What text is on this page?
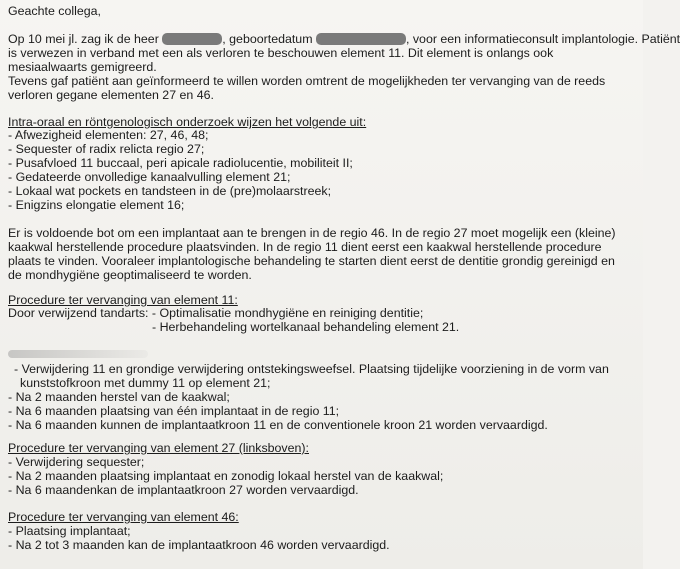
Geachte collega,
Op 10 mei jl. zag ik de heer	, geboortedatum	, voor een informatieconsult implantologie. Patiënt
is verwezen in verband met een als verloren te beschouwen element 11. Dit element is onlangs ook
mesiaalwaarts gemigreerd.
Tevens gaf patiënt aan geïnformeerd te willen worden omtrent de mogelijkheden ter vervanging van de reeds
verloren gegane elementen 27 en 46.
Intra-oraal en röntgenologisch onderzoek wijzen het volgende uit:
- Afwezigheid elementen: 27, 46, 48;
- Sequester of radix relicta regio 27;
- Pusafvloed 11 buccaal, peri apicale radiolucentie, mobiliteit II;
- Gedateerde onvolledige kanaalvulling element 21;
- Lokaal wat pockets en tandsteen in de (pre)molaarstreek;
- Enigzins elongatie element 16;
Er is voldoende bot om een implantaat aan te brengen in de regio 46. In de regio 27 moet mogelijk een (kleine)
kaakwal herstellende procedure plaatsvinden. In de regio 11 dient eerst een kaakwal herstellende procedure
plaats te vinden. Vooraleer implantologische behandeling te starten dient eerst de dentitie grondig gereinigd en
de mondhygiëne geoptimaliseerd te worden.
Procedure ter vervanging van element 11:
Door verwijzend tandarts: - Optimalisatie mondhygiëne en reiniging dentitie;
- Herbehandeling wortelkanaal behandeling element 21.
- Verwijdering 11 en grondige verwijdering ontstekingsweefsel. Plaatsing tijdelijke voorziening in de vorm van
kunststofkroon met dummy 11 op element 21;
- Na 2 maanden herstel van de kaakwal;
- Na 6 maanden plaatsing van één implantaat in de regio 11;
- Na 6 maanden kunnen de implantaatkroon 11 en de conventionele kroon 21 worden vervaardigd.
Procedure ter vervanging van element 27 (linksboven):
- Verwijdering sequester;
- Na 2 maanden plaatsing implantaat en zonodig lokaal herstel van de kaakwal;
- Na 6 maandenkan de implantaatkroon 27 worden vervaardigd.
Procedure ter vervanging van element 46:
- Plaatsing implantaat;
- Na 2 tot 3 maanden kan de implantaatkroon 46 worden vervaardigd.
